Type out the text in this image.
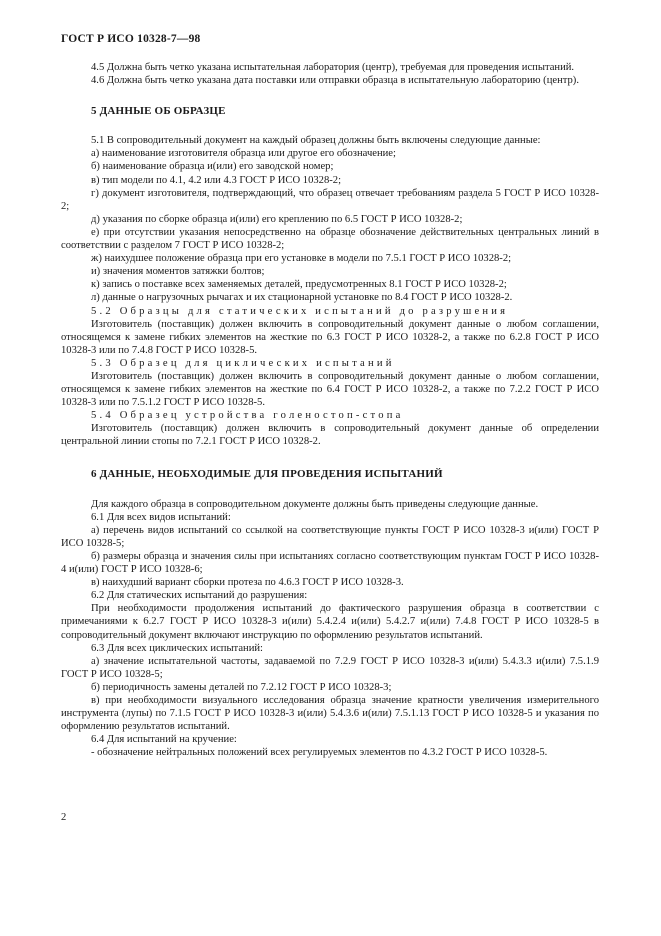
ГОСТ Р ИСО 10328-7—98

4.5 Должна быть четко указана испытательная лаборатория (центр), требуемая для проведения испытаний.

4.6 Должна быть четко указана дата поставки или отправки образца в испытательную лабораторию (центр).

5 ДАННЫЕ ОБ ОБРАЗЦЕ

5.1 В сопроводительный документ на каждый образец должны быть включены следующие данные:

а) наименование изготовителя образца или другое его обозначение;

б) наименование образца и(или) его заводской номер;

в) тип модели по 4.1, 4.2 или 4.3 ГОСТ Р ИСО 10328-2;

г) документ изготовителя, подтверждающий, что образец отвечает требованиям раздела 5 ГОСТ Р ИСО 10328-2;

д) указания по сборке образца и(или) его креплению по 6.5 ГОСТ Р ИСО 10328-2;

е) при отсутствии указания непосредственно на образце обозначение действительных центральных линий в соответствии с разделом 7 ГОСТ Р ИСО 10328-2;

ж) наихудшее положение образца при его установке в модели по 7.5.1 ГОСТ Р ИСО 10328-2;

и) значения моментов затяжки болтов;

к) запись о поставке всех заменяемых деталей, предусмотренных 8.1 ГОСТ Р ИСО 10328-2;

л) данные о нагрузочных рычагах и их стационарной установке по 8.4 ГОСТ Р ИСО 10328-2.

5.2 Образцы для статических испытаний до разрушения

Изготовитель (поставщик) должен включить в сопроводительный документ данные о любом соглашении, относящемся к замене гибких элементов на жесткие по 6.3 ГОСТ Р ИСО 10328-2, а также по 6.2.8 ГОСТ Р ИСО 10328-3 или по 7.4.8 ГОСТ Р ИСО 10328-5.

5.3 Образец для циклических испытаний

Изготовитель (поставщик) должен включить в сопроводительный документ данные о любом соглашении, относящемся к замене гибких элементов на жесткие по 6.4 ГОСТ Р ИСО 10328-2, а также по 7.2.2 ГОСТ Р ИСО 10328-3 или по 7.5.1.2 ГОСТ Р ИСО 10328-5.

5.4 Образец устройства голеностоп-стопа

Изготовитель (поставщик) должен включить в сопроводительный документ данные об определении центральной линии стопы по 7.2.1 ГОСТ Р ИСО 10328-2.

6 ДАННЫЕ, НЕОБХОДИМЫЕ ДЛЯ ПРОВЕДЕНИЯ ИСПЫТАНИЙ

Для каждого образца в сопроводительном документе должны быть приведены следующие данные.

6.1 Для всех видов испытаний:

а) перечень видов испытаний со ссылкой на соответствующие пункты ГОСТ Р ИСО 10328-3 и(или) ГОСТ Р ИСО 10328-5;

б) размеры образца и значения силы при испытаниях согласно соответствующим пунктам ГОСТ Р ИСО 10328-4 и(или) ГОСТ Р ИСО 10328-6;

в) наихудший вариант сборки протеза по 4.6.3 ГОСТ Р ИСО 10328-3.

6.2 Для статических испытаний до разрушения:

При необходимости продолжения испытаний до фактического разрушения образца в соответствии с примечаниями к 6.2.7 ГОСТ Р ИСО 10328-3 и(или) 5.4.2.4 и(или) 5.4.2.7 и(или) 7.4.8 ГОСТ Р ИСО 10328-5 в сопроводительный документ включают инструкцию по оформлению результатов испытаний.

6.3 Для всех циклических испытаний:

а) значение испытательной частоты, задаваемой по 7.2.9 ГОСТ Р ИСО 10328-3 и(или) 5.4.3.3 и(или) 7.5.1.9 ГОСТ Р ИСО 10328-5;

б) периодичность замены деталей по 7.2.12 ГОСТ Р ИСО 10328-3;

в) при необходимости визуального исследования образца значение кратности увеличения измерительного инструмента (лупы) по 7.1.5 ГОСТ Р ИСО 10328-3 и(или) 5.4.3.6 и(или) 7.5.1.13 ГОСТ Р ИСО 10328-5 и указания по оформлению результатов испытаний.

6.4 Для испытаний на кручение:

- обозначение нейтральных положений всех регулируемых элементов по 4.3.2 ГОСТ Р ИСО 10328-5.

2
